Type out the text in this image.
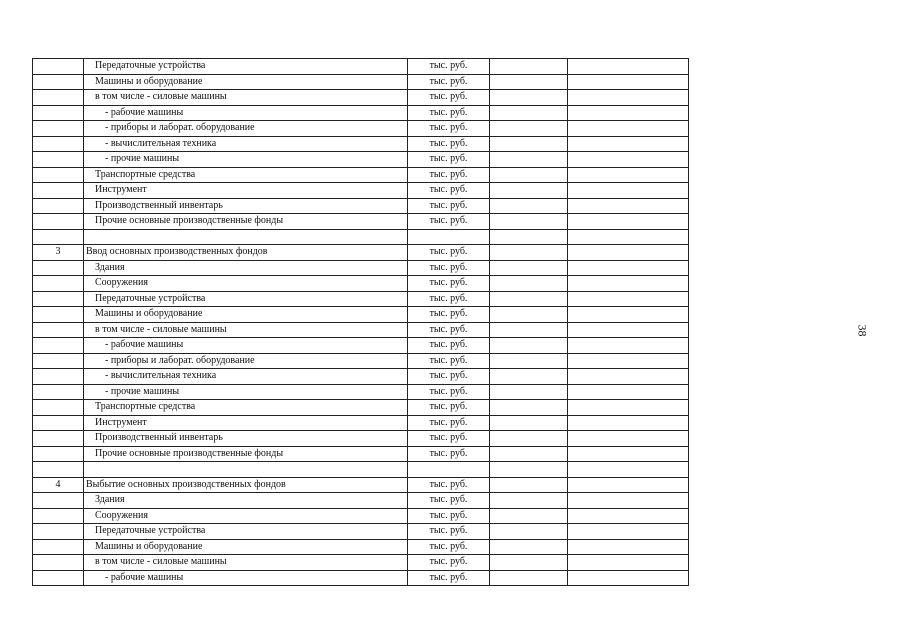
	Передаточные устройства	тыс. руб.		
	Машины и оборудование	тыс. руб.		
	в том числе - силовые машины	тыс. руб.		
	- рабочие машины	тыс. руб.		
	- приборы и лаборат. оборудование	тыс. руб.		
	- вычислительная техника	тыс. руб.		
	- прочие машины	тыс. руб.		
	Транспортные средства	тыс. руб.		
	Инструмент	тыс. руб.		
	Производственный инвентарь	тыс. руб.		
	Прочие основные производственные фонды	тыс. руб.		

3	Ввод основных производственных фондов	тыс. руб.		
	Здания	тыс. руб.		
	Сооружения	тыс. руб.		
	Передаточные устройства	тыс. руб.		
	Машины и оборудование	тыс. руб.		
	в том числе - силовые машины	тыс. руб.		
	- рабочие машины	тыс. руб.		
	- приборы и лаборат. оборудование	тыс. руб.		
	- вычислительная техника	тыс. руб.		
	- прочие машины	тыс. руб.		
	Транспортные средства	тыс. руб.		
	Инструмент	тыс. руб.		
	Производственный инвентарь	тыс. руб.		
	Прочие основные производственные фонды	тыс. руб.		

4	Выбытие основных производственных фондов	тыс. руб.		
	Здания	тыс. руб.		
	Сооружения	тыс. руб.		
	Передаточные устройства	тыс. руб.		
	Машины и оборудование	тыс. руб.		
	в том числе - силовые машины	тыс. руб.		
	- рабочие машины	тыс. руб.		
38
